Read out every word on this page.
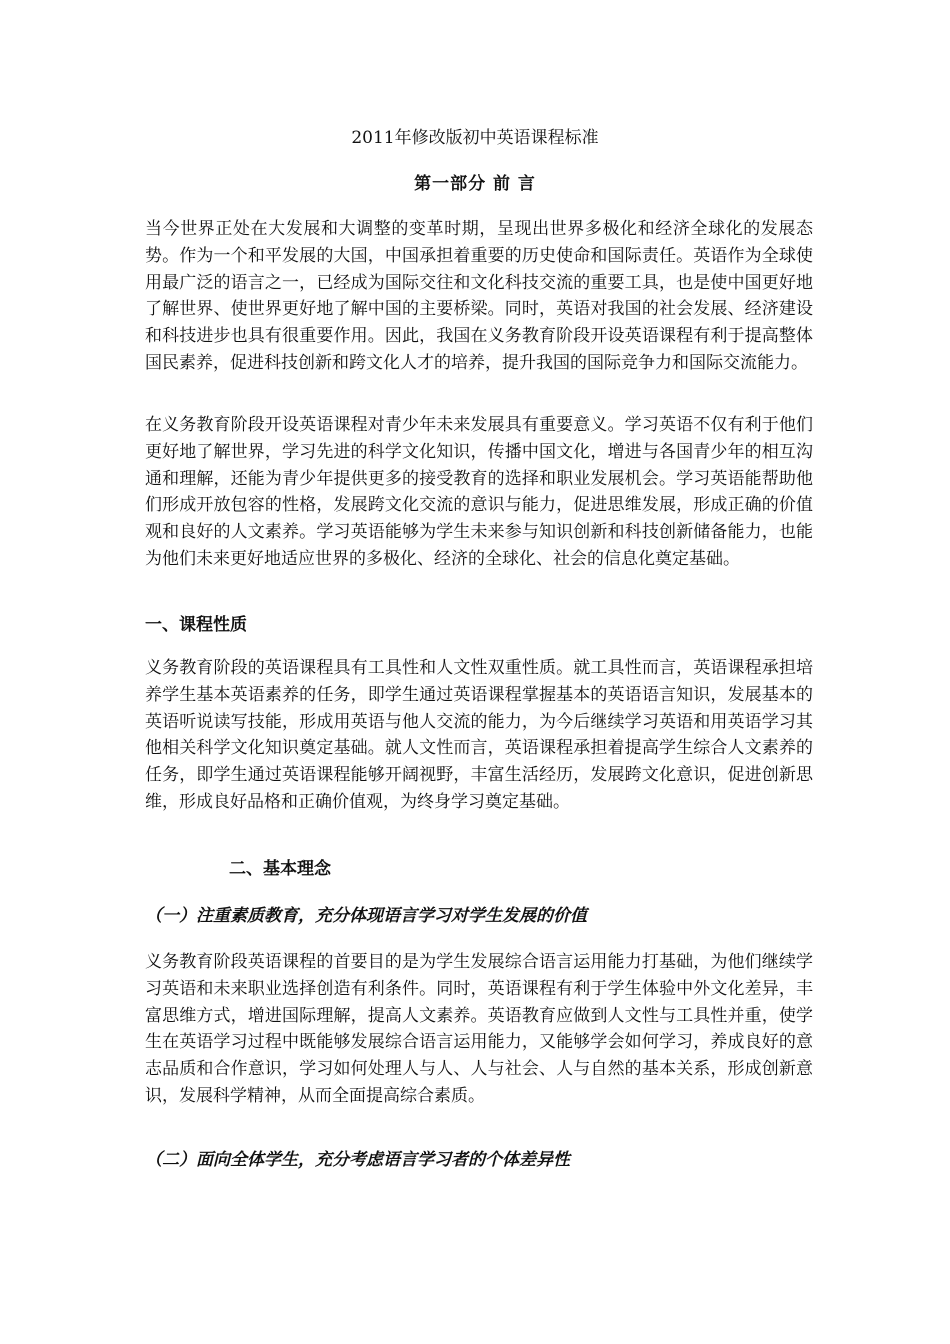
2011年修改版初中英语课程标准
第一部分 前 言

当今世界正处在大发展和大调整的变革时期，呈现出世界多极化和经济全球化的发展态势。作为一个和平发展的大国，中国承担着重要的历史使命和国际责任。英语作为全球使用最广泛的语言之一，已经成为国际交往和文化科技交流的重要工具，也是使中国更好地了解世界、使世界更好地了解中国的主要桥梁。同时，英语对我国的社会发展、经济建设和科技进步也具有很重要作用。因此，我国在义务教育阶段开设英语课程有利于提高整体国民素养，促进科技创新和跨文化人才的培养，提升我国的国际竞争力和国际交流能力。

在义务教育阶段开设英语课程对青少年未来发展具有重要意义。学习英语不仅有利于他们更好地了解世界，学习先进的科学文化知识，传播中国文化，增进与各国青少年的相互沟通和理解，还能为青少年提供更多的接受教育的选择和职业发展机会。学习英语能帮助他们形成开放包容的性格，发展跨文化交流的意识与能力，促进思维发展，形成正确的价值观和良好的人文素养。学习英语能够为学生未来参与知识创新和科技创新储备能力，也能为他们未来更好地适应世界的多极化、经济的全球化、社会的信息化奠定基础。

一、课程性质

义务教育阶段的英语课程具有工具性和人文性双重性质。就工具性而言，英语课程承担培养学生基本英语素养的任务，即学生通过英语课程掌握基本的英语语言知识，发展基本的英语听说读写技能，形成用英语与他人交流的能力，为今后继续学习英语和用英语学习其他相关科学文化知识奠定基础。就人文性而言，英语课程承担着提高学生综合人文素养的任务，即学生通过英语课程能够开阔视野，丰富生活经历，发展跨文化意识，促进创新思维，形成良好品格和正确价值观，为终身学习奠定基础。

二、基本理念
（一）注重素质教育，充分体现语言学习对学生发展的价值

义务教育阶段英语课程的首要目的是为学生发展综合语言运用能力打基础，为他们继续学习英语和未来职业选择创造有利条件。同时，英语课程有利于学生体验中外文化差异，丰富思维方式，增进国际理解，提高人文素养。英语教育应做到人文性与工具性并重，使学生在英语学习过程中既能够发展综合语言运用能力，又能够学会如何学习，养成良好的意志品质和合作意识，学习如何处理人与人、人与社会、人与自然的基本关系，形成创新意识，发展科学精神，从而全面提高综合素质。

（二）面向全体学生，充分考虑语言学习者的个体差异性
